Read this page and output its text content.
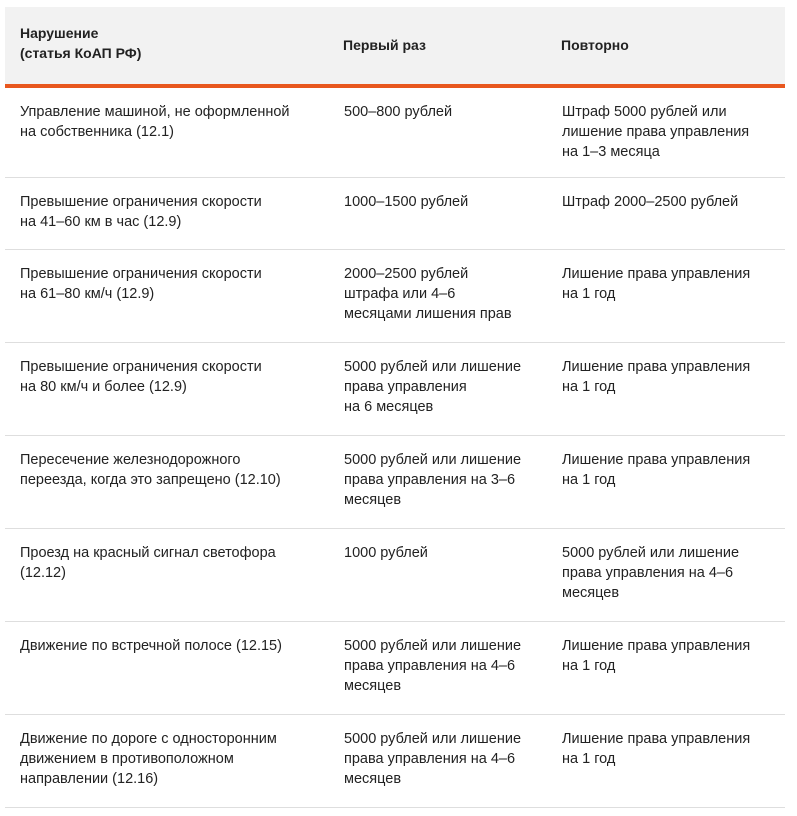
Нарушение
(статья КоАП РФ)	Первый раз	Повторно

Управление машиной, не оформленной
на собственника (12.1)	500–800 рублей	Штраф 5000 рублей или
лишение права управления
на 1–3 месяца

Превышение ограничения скорости
на 41–60 км в час (12.9)	1000–1500 рублей	Штраф 2000–2500 рублей

Превышение ограничения скорости
на 61–80 км/ч (12.9)	2000–2500 рублей
штрафа или 4–6
месяцами лишения прав	Лишение права управления
на 1 год

Превышение ограничения скорости
на 80 км/ч и более (12.9)	5000 рублей или лишение
права управления
на 6 месяцев	Лишение права управления
на 1 год

Пересечение железнодорожного
переезда, когда это запрещено (12.10)	5000 рублей или лишение
права управления на 3–6
месяцев	Лишение права управления
на 1 год

Проезд на красный сигнал светофора
(12.12)	1000 рублей	5000 рублей или лишение
права управления на 4–6
месяцев

Движение по встречной полосе (12.15)	5000 рублей или лишение
права управления на 4–6
месяцев	Лишение права управления
на 1 год

Движение по дороге с односторонним
движением в противоположном
направлении (12.16)	5000 рублей или лишение
права управления на 4–6
месяцев	Лишение права управления
на 1 год
